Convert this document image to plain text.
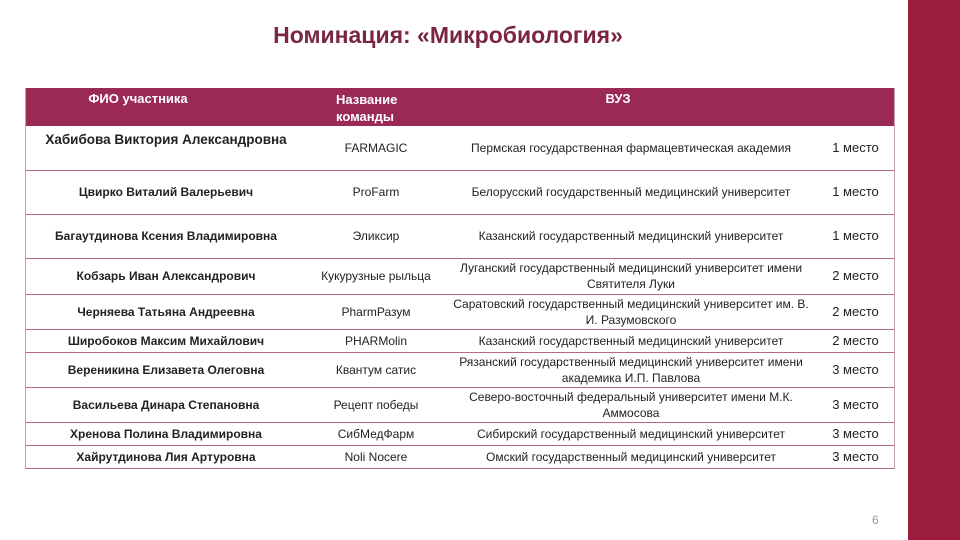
Номинация: «Микробиология»
ФИО участника	Название команды	ВУЗ	
Хабибова Виктория Александровна	FARMAGIC	Пермская государственная фармацевтическая академия	1 место
Цвирко Виталий Валерьевич	ProFarm	Белорусский государственный медицинский университет	1 место
Багаутдинова Ксения Владимировна	Эликсир	Казанский государственный медицинский университет	1 место
Кобзарь Иван Александрович	Кукурузные рыльца	Луганский государственный медицинский университет имени Святителя Луки	2 место
Черняева Татьяна Андреевна	PharmРазум	Саратовский государственный медицинский университет им. В. И. Разумовского	2 место
Широбоков Максим Михайлович	PHARMolin	Казанский государственный медицинский университет	2 место
Вереникина Елизавета Олеговна	Квантум сатис	Рязанский государственный медицинский университет имени академика И.П. Павлова	3 место
Васильева Динара Степановна	Рецепт победы	Северо-восточный федеральный университет имени М.К. Аммосова	3 место
Хренова Полина Владимировна	СибМедФарм	Сибирский государственный медицинский университет	3 место
Хайрутдинова Лия Артуровна	Noli Nocere	Омский государственный медицинский университет	3 место
6
